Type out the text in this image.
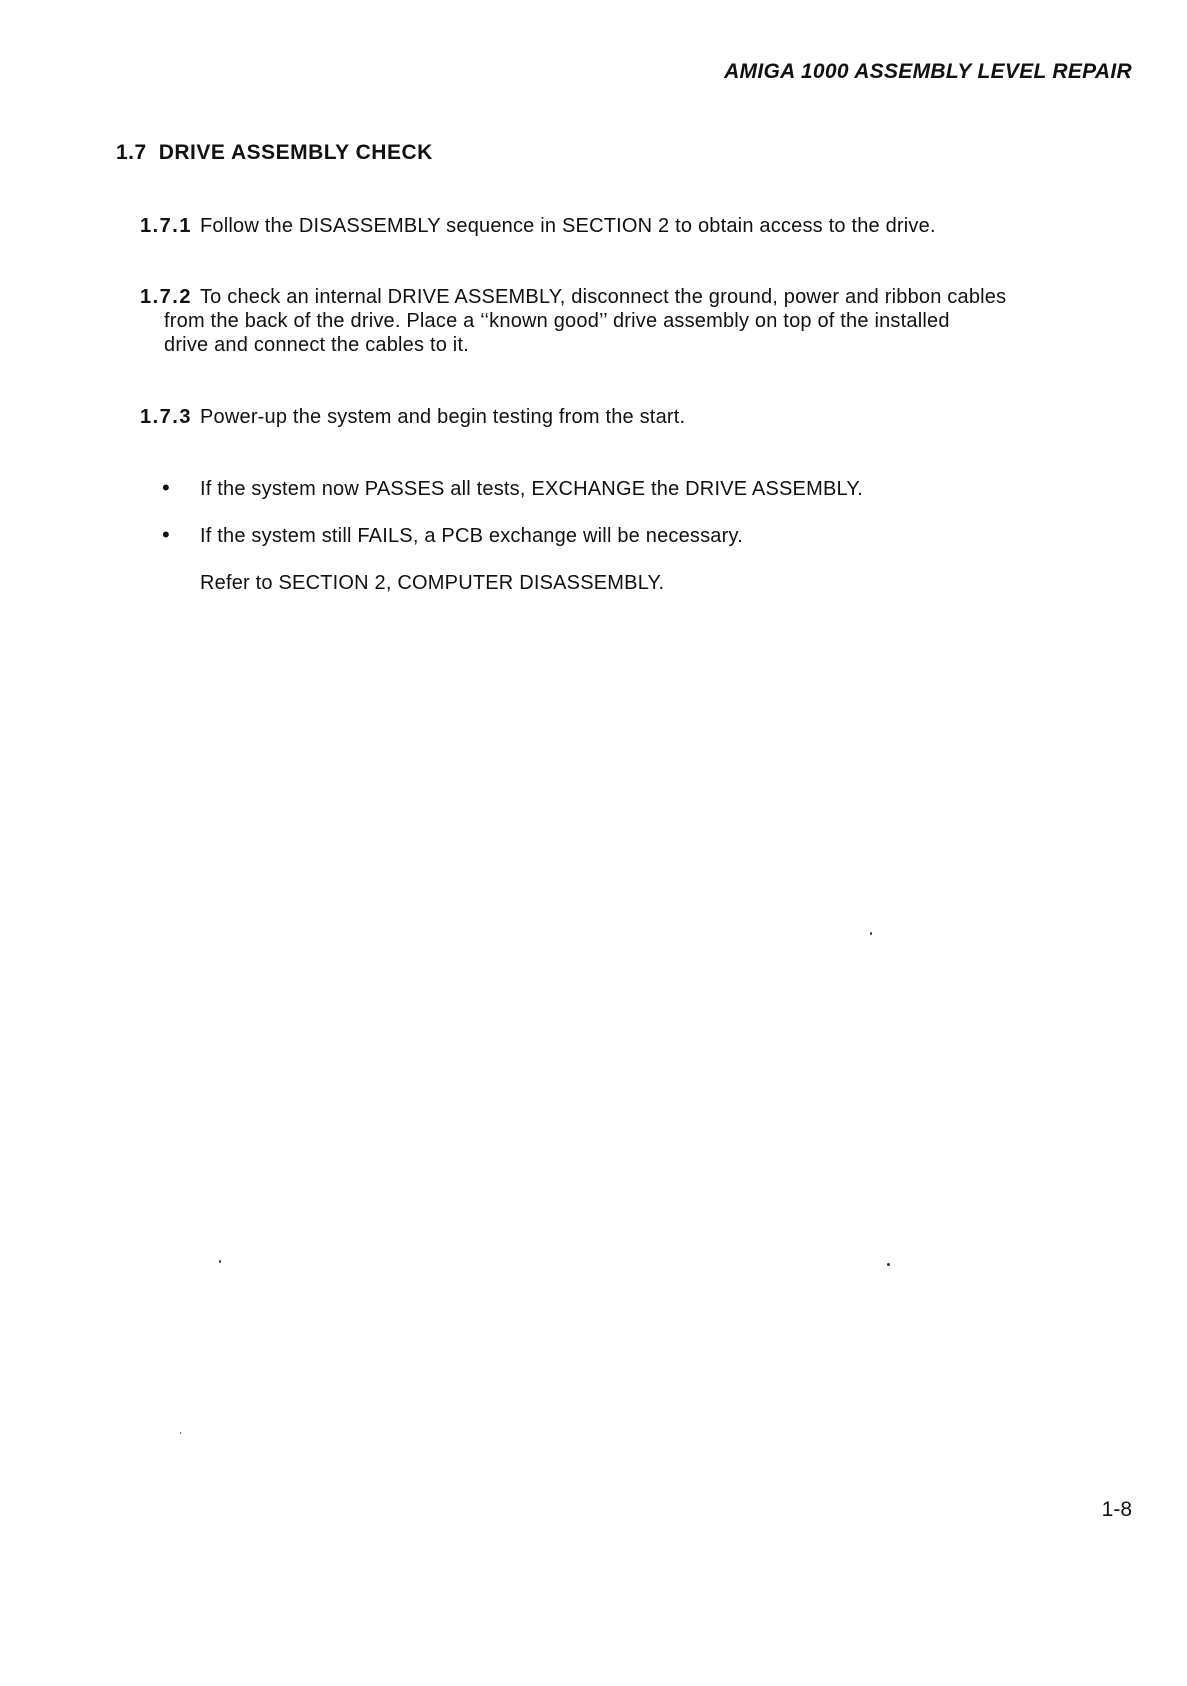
AMIGA 1000 ASSEMBLY LEVEL REPAIR
1.7 DRIVE ASSEMBLY CHECK
1.7.1 Follow the DISASSEMBLY sequence in SECTION 2 to obtain access to the drive.
1.7.2 To check an internal DRIVE ASSEMBLY, disconnect the ground, power and ribbon cables
from the back of the drive. Place a ‘‘known good’’ drive assembly on top of the installed
drive and connect the cables to it.
1.7.3 Power-up the system and begin testing from the start.
• If the system now PASSES all tests, EXCHANGE the DRIVE ASSEMBLY.
• If the system still FAILS, a PCB exchange will be necessary.
Refer to SECTION 2, COMPUTER DISASSEMBLY.
1-8
